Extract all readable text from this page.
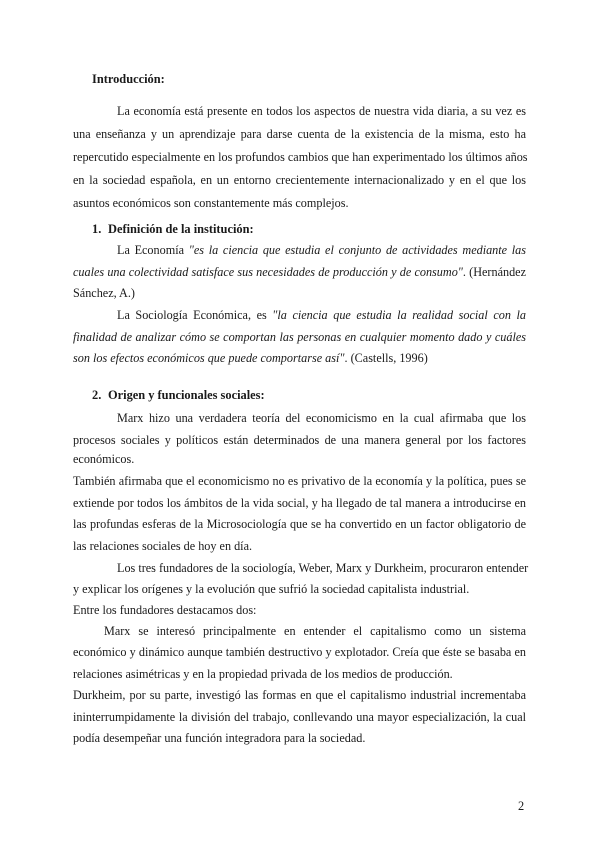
Introducción:
La economía está presente en todos los aspectos de nuestra vida diaria, a su vez es
una enseñanza y un aprendizaje para darse cuenta de la existencia de la misma, esto ha
repercutido especialmente en los profundos cambios que han experimentado los últimos años
en la sociedad española, en un entorno crecientemente internacionalizado y en el que los
asuntos económicos son constantemente más complejos.
1. Definición de la institución:
La Economía "es la ciencia que estudia el conjunto de actividades mediante las
cuales una colectividad satisface sus necesidades de producción y de consumo". (Hernández
Sánchez, A.)
La Sociología Económica, es "la ciencia que estudia la realidad social con la
finalidad de analizar cómo se comportan las personas en cualquier momento dado y cuáles
son los efectos económicos que puede comportarse así". (Castells, 1996)
2. Origen y funcionales sociales:
Marx hizo una verdadera teoría del economicismo en la cual afirmaba que los
procesos sociales y políticos están determinados de una manera general por los factores
económicos.
También afirmaba que el economicismo no es privativo de la economía y la política, pues se
extiende por todos los ámbitos de la vida social, y ha llegado de tal manera a introducirse en
las profundas esferas de la Microsociología que se ha convertido en un factor obligatorio de
las relaciones sociales de hoy en día.
Los tres fundadores de la sociología, Weber, Marx y Durkheim, procuraron entender
y explicar los orígenes y la evolución que sufrió la sociedad capitalista industrial.
Entre los fundadores destacamos dos:
Marx se interesó principalmente en entender el capitalismo como un sistema
económico y dinámico aunque también destructivo y explotador. Creía que éste se basaba en
relaciones asimétricas y en la propiedad privada de los medios de producción.
Durkheim, por su parte, investigó las formas en que el capitalismo industrial incrementaba
ininterrumpidamente la división del trabajo, conllevando una mayor especialización, la cual
podía desempeñar una función integradora para la sociedad.
2
